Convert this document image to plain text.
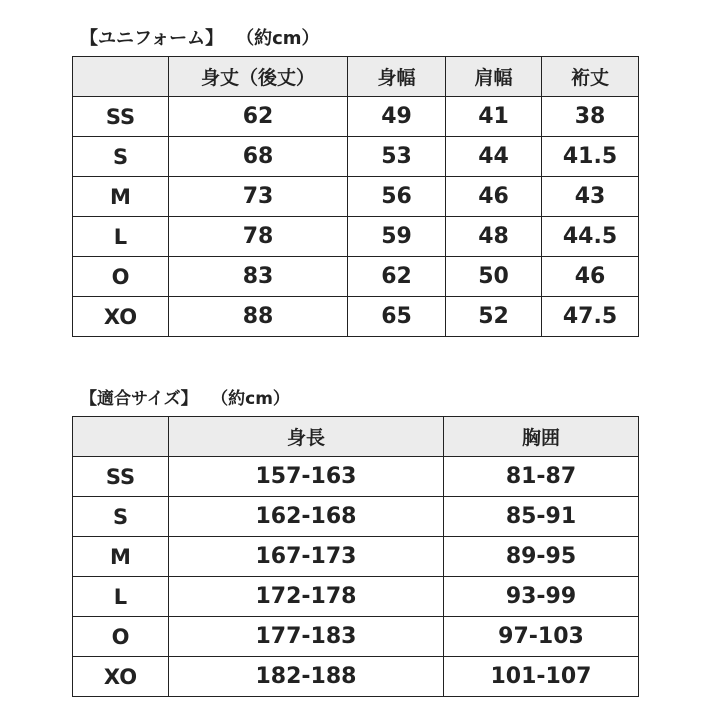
【ユニフォーム】 （約cm）
	身丈（後丈）	身幅	肩幅	裄丈
SS	62	49	41	38
S	68	53	44	41.5
M	73	56	46	43
L	78	59	48	44.5
O	83	62	50	46
XO	88	65	52	47.5
【適合サイズ】 （約cm）
	身長	胸囲
SS	157-163	81-87
S	162-168	85-91
M	167-173	89-95
L	172-178	93-99
O	177-183	97-103
XO	182-188	101-107
